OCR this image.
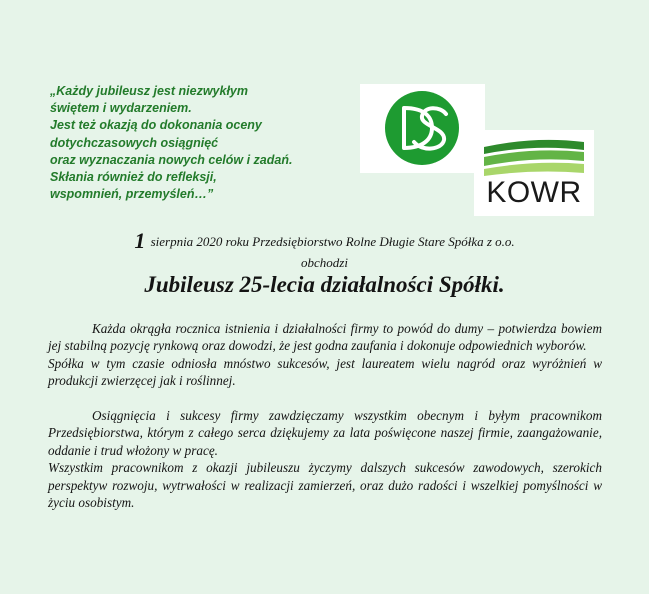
„Każdy jubileusz jest niezwykłym
świętem i wydarzeniem.
Jest też okazją do dokonania oceny
dotychczasowych osiągnięć
oraz wyznaczania nowych celów i zadań.
Skłania również do refleksji,
wspomnień, przemyśleń…”	KOWR
1 sierpnia 2020 roku Przedsiębiorstwo Rolne Długie Stare Spółka z o.o.
obchodzi
Jubileusz 25-lecia działalności Spółki.
Każda okrągła rocznica istnienia i działalności firmy to powód do dumy – potwierdza bowiem jej stabilną pozycję rynkową oraz dowodzi, że jest godna zaufania i dokonuje odpowiednich wyborów.
Spółka w tym czasie odniosła mnóstwo sukcesów, jest laureatem wielu nagród oraz wyróżnień w produkcji zwierzęcej jak i roślinnej.
Osiągnięcia i sukcesy firmy zawdzięczamy wszystkim obecnym i byłym pracownikom Przedsiębiorstwa, którym z całego serca dziękujemy za lata poświęcone naszej firmie, zaangażowanie, oddanie i trud włożony w pracę.
Wszystkim pracownikom z okazji jubileuszu życzymy dalszych sukcesów zawodowych, szerokich perspektyw rozwoju, wytrwałości w realizacji zamierzeń, oraz dużo radości i wszelkiej pomyślności w życiu osobistym.
